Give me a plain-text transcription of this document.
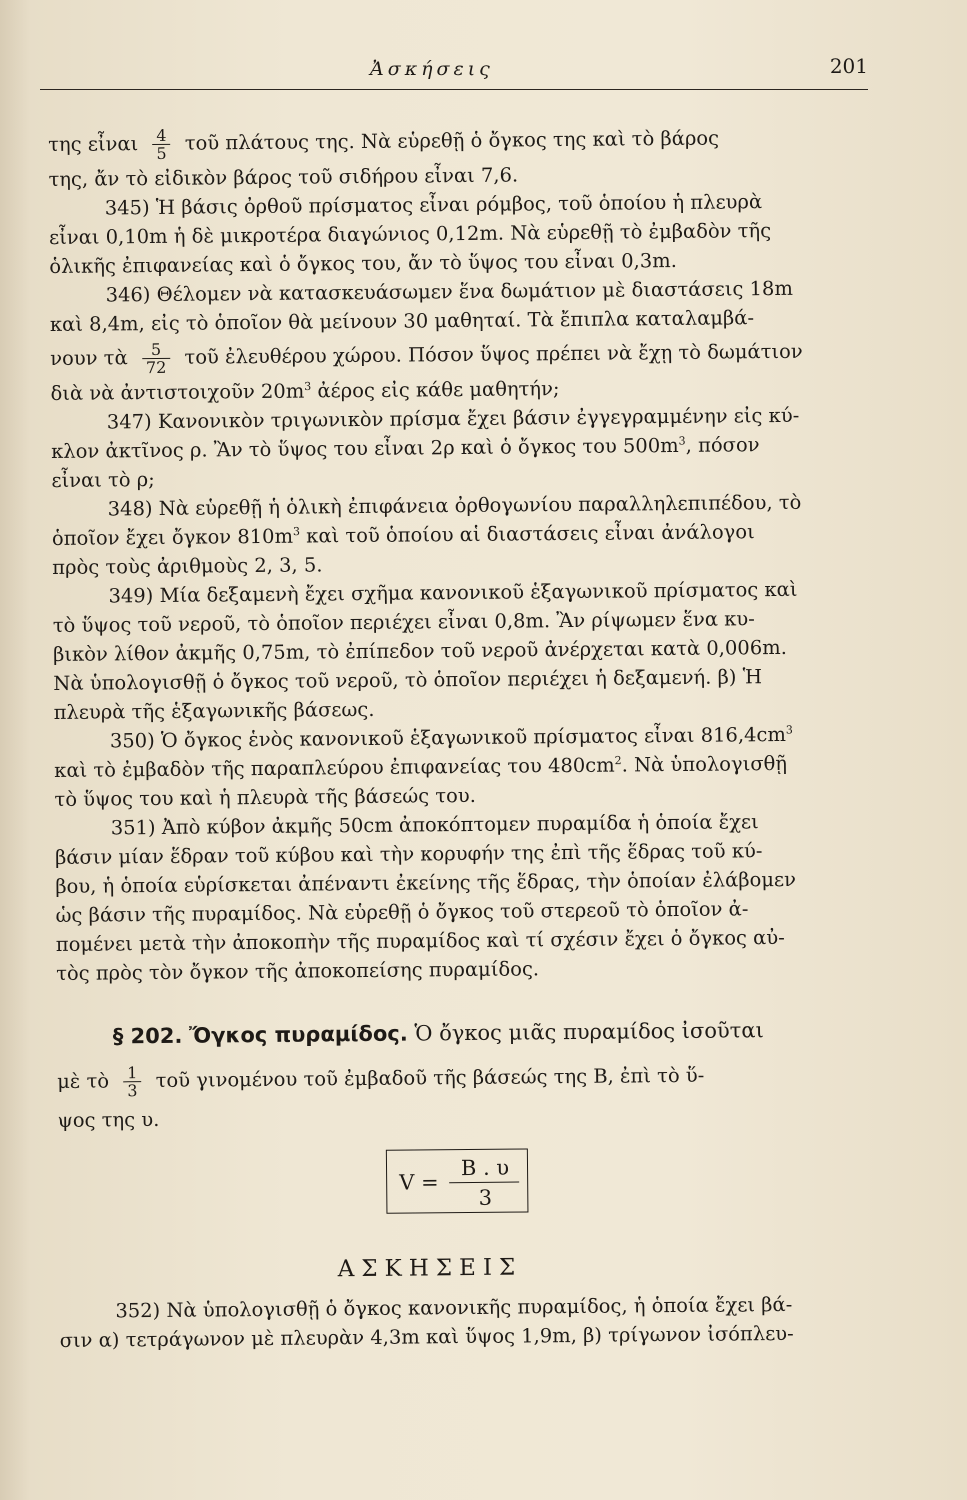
Ἀσκήσεις	201
της εἶναι $\frac{4}{5}$ τοῦ πλάτους της. Νὰ εὑρεθῇ ὁ ὄγκος της καὶ τὸ βάρος
της, ἄν τὸ εἰδικὸν βάρος τοῦ σιδήρου εἶναι 7,6.
345) Ἡ βάσις ὀρθοῦ πρίσματος εἶναι ρόμβος, τοῦ ὁποίου ἡ πλευρὰ
εἶναι 0,10m ἡ δὲ μικροτέρα διαγώνιος 0,12m. Νὰ εὑρεθῇ τὸ ἐμβαδὸν τῆς
ὁλικῆς ἐπιφανείας καὶ ὁ ὄγκος του, ἄν τὸ ὕψος του εἶναι 0,3m.
346) Θέλομεν νὰ κατασκευάσωμεν ἕνα δωμάτιον μὲ διαστάσεις 18m
καὶ 8,4m, εἰς τὸ ὁποῖον θὰ μείνουν 30 μαθηταί. Τὰ ἔπιπλα καταλαμβά-
νουν τὰ $\frac{5}{72}$ τοῦ ἐλευθέρου χώρου. Πόσον ὕψος πρέπει νὰ ἔχῃ τὸ δωμάτιον
διὰ νὰ ἀντιστοιχοῦν $20m^3$ ἀέρος εἰς κάθε μαθητήν;
347) Κανονικὸν τριγωνικὸν πρίσμα ἔχει βάσιν ἐγγεγραμμένην εἰς κύ-
κλον ἀκτῖνος ρ. Ἂν τὸ ὕψος του εἶναι 2ρ καὶ ὁ ὄγκος του $500m^3$, πόσον
εἶναι τὸ ρ;
348) Νὰ εὑρεθῇ ἡ ὁλικὴ ἐπιφάνεια ὀρθογωνίου παραλληλεπιπέδου, τὸ
ὁποῖον ἔχει ὄγκον $810m^3$ καὶ τοῦ ὁποίου αἱ διαστάσεις εἶναι ἀνάλογοι
πρὸς τοὺς ἀριθμοὺς 2, 3, 5.
349) Μία δεξαμενὴ ἔχει σχῆμα κανονικοῦ ἑξαγωνικοῦ πρίσματος καὶ
τὸ ὕψος τοῦ νεροῦ, τὸ ὁποῖον περιέχει εἶναι 0,8m. Ἂν ρίψωμεν ἕνα κυ-
βικὸν λίθον ἀκμῆς 0,75m, τὸ ἐπίπεδον τοῦ νεροῦ ἀνέρχεται κατὰ 0,006m.
Νὰ ὑπολογισθῇ ὁ ὄγκος τοῦ νεροῦ, τὸ ὁποῖον περιέχει ἡ δεξαμενή. β) Ἡ
πλευρὰ τῆς ἑξαγωνικῆς βάσεως.
350) Ὁ ὄγκος ἑνὸς κανονικοῦ ἑξαγωνικοῦ πρίσματος εἶναι $816,4cm^3$
καὶ τὸ ἐμβαδὸν τῆς παραπλεύρου ἐπιφανείας του $480cm^2$. Νὰ ὑπολογισθῇ
τὸ ὕψος του καὶ ἡ πλευρὰ τῆς βάσεώς του.
351) Ἀπὸ κύβον ἀκμῆς 50cm ἀποκόπτομεν πυραμίδα ἡ ὁποία ἔχει
βάσιν μίαν ἕδραν τοῦ κύβου καὶ τὴν κορυφήν της ἐπὶ τῆς ἕδρας τοῦ κύ-
βου, ἡ ὁποία εὑρίσκεται ἀπέναντι ἐκείνης τῆς ἕδρας, τὴν ὁποίαν ἐλάβομεν
ὡς βάσιν τῆς πυραμίδος. Νὰ εὑρεθῇ ὁ ὄγκος τοῦ στερεοῦ τὸ ὁποῖον ἀ-
πομένει μετὰ τὴν ἀποκοπὴν τῆς πυραμίδος καὶ τί σχέσιν ἔχει ὁ ὄγκος αὐ-
τὸς πρὸς τὸν ὄγκον τῆς ἀποκοπείσης πυραμίδος.
§ 202. Ὄγκος πυραμίδος. Ὁ ὄγκος μιᾶς πυραμίδος ἰσοῦται
μὲ τὸ $\frac{1}{3}$ τοῦ γινομένου τοῦ ἐμβαδοῦ τῆς βάσεώς της Β, ἐπὶ τὸ ὕ-
ψος της υ.
V =
Β . υ
3
ΑΣΚΗΣΕΙΣ
352) Νὰ ὑπολογισθῇ ὁ ὄγκος κανονικῆς πυραμίδος, ἡ ὁποία ἔχει βά-
σιν α) τετράγωνον μὲ πλευρὰν 4,3m καὶ ὕψος 1,9m, β) τρίγωνον ἰσόπλευ-
